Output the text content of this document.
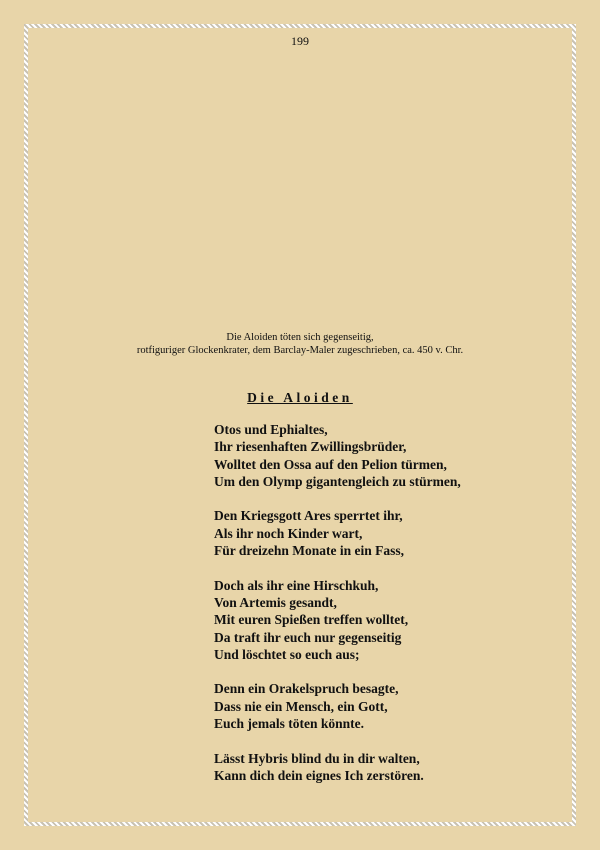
199
Die Aloiden töten sich gegenseitig,
rotfiguriger Glockenkrater, dem Barclay-Maler zugeschrieben, ca. 450 v. Chr.
Die Aloiden
Otos und Ephialtes,
Ihr riesenhaften Zwillingsbrüder,
Wolltet den Ossa auf den Pelion türmen,
Um den Olymp gigantengleich zu stürmen,
Den Kriegsgott Ares sperrtet ihr,
Als ihr noch Kinder wart,
Für dreizehn Monate in ein Fass,
Doch als ihr eine Hirschkuh,
Von Artemis gesandt,
Mit euren Spießen treffen wolltet,
Da traft ihr euch nur gegenseitig
Und löschtet so euch aus;
Denn ein Orakelspruch besagte,
Dass nie ein Mensch, ein Gott,
Euch jemals töten könnte.
Lässt Hybris blind du in dir walten,
Kann dich dein eignes Ich zerstören.
